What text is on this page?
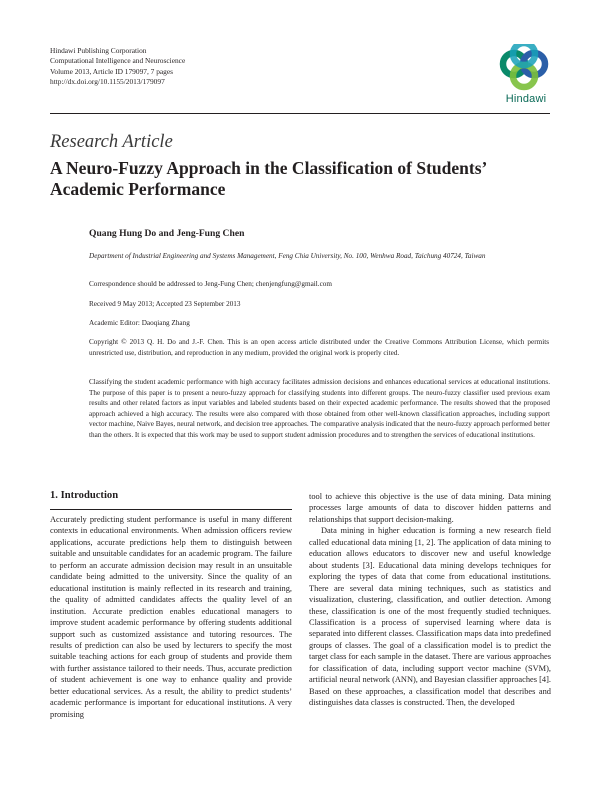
Hindawi Publishing Corporation
Computational Intelligence and Neuroscience
Volume 2013, Article ID 179097, 7 pages
http://dx.doi.org/10.1155/2013/179097
Hindawi
Research Article
A Neuro-Fuzzy Approach in the Classification of Students’ Academic Performance
Quang Hung Do and Jeng-Fung Chen
Department of Industrial Engineering and Systems Management, Feng Chia University, No. 100, Wenhwa Road, Taichung 40724, Taiwan
Correspondence should be addressed to Jeng-Fung Chen; chenjengfung@gmail.com
Received 9 May 2013; Accepted 23 September 2013
Academic Editor: Daoqiang Zhang
Copyright © 2013 Q. H. Do and J.-F. Chen. This is an open access article distributed under the Creative Commons Attribution License, which permits unrestricted use, distribution, and reproduction in any medium, provided the original work is properly cited.
Classifying the student academic performance with high accuracy facilitates admission decisions and enhances educational services at educational institutions. The purpose of this paper is to present a neuro-fuzzy approach for classifying students into different groups. The neuro-fuzzy classifier used previous exam results and other related factors as input variables and labeled students based on their expected academic performance. The results showed that the proposed approach achieved a high accuracy. The results were also compared with those obtained from other well-known classification approaches, including support vector machine, Naive Bayes, neural network, and decision tree approaches. The comparative analysis indicated that the neuro-fuzzy approach performed better than the others. It is expected that this work may be used to support student admission procedures and to strengthen the services of educational institutions.
1. Introduction

Accurately predicting student performance is useful in many different contexts in educational environments. When admission officers review applications, accurate predictions help them to distinguish between suitable and unsuitable candidates for an academic program. The failure to perform an accurate admission decision may result in an unsuitable candidate being admitted to the university. Since the quality of an educational institution is mainly reflected in its research and training, the quality of admitted candidates affects the quality level of an institution. Accurate prediction enables educational managers to improve student academic performance by offering students additional support such as customized assistance and tutoring resources. The results of prediction can also be used by lecturers to specify the most suitable teaching actions for each group of students and provide them with further assistance tailored to their needs. Thus, accurate prediction of student achievement is one way to enhance quality and provide better educational services. As a result, the ability to predict students’ academic performance is important for educational institutions. A very promising

tool to achieve this objective is the use of data mining. Data mining processes large amounts of data to discover hidden patterns and relationships that support decision-making.

Data mining in higher education is forming a new research field called educational data mining [1, 2]. The application of data mining to education allows educators to discover new and useful knowledge about students [3]. Educational data mining develops techniques for exploring the types of data that come from educational institutions. There are several data mining techniques, such as statistics and visualization, clustering, classification, and outlier detection. Among these, classification is one of the most frequently studied techniques. Classification is a process of supervised learning where data is separated into different classes. Classification maps data into predefined groups of classes. The goal of a classification model is to predict the target class for each sample in the dataset. There are various approaches for classification of data, including support vector machine (SVM), artificial neural network (ANN), and Bayesian classifier approaches [4]. Based on these approaches, a classification model that describes and distinguishes data classes is constructed. Then, the developed
